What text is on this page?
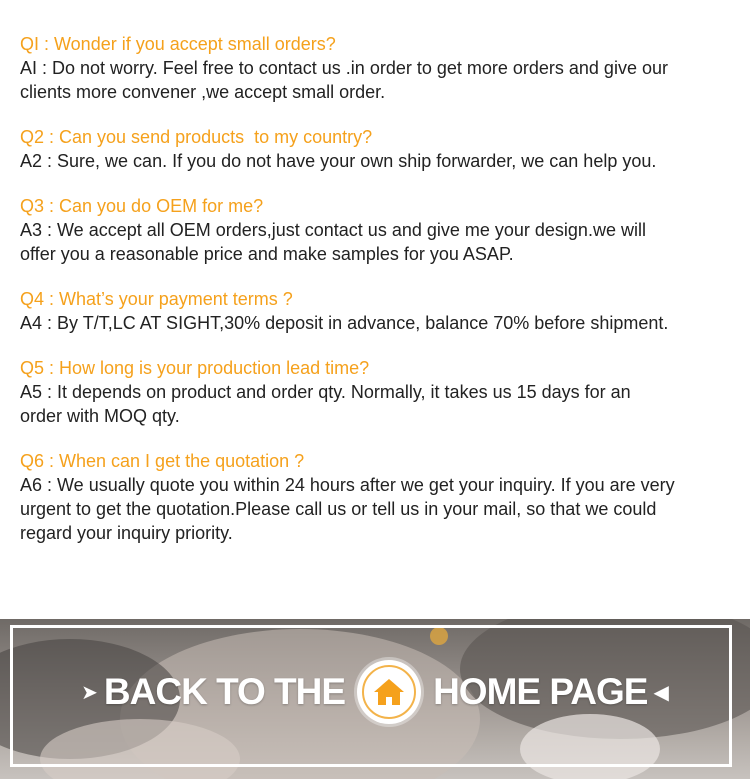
QI : Wonder if you accept small orders?
AI : Do not worry. Feel free to contact us .in order to get more orders and give our
clients more convener ,we accept small order.
Q2 : Can you send products  to my country?
A2 : Sure, we can. If you do not have your own ship forwarder, we can help you.
Q3 : Can you do OEM for me?
A3 : We accept all OEM orders,just contact us and give me your design.we will
offer you a reasonable price and make samples for you ASAP.
Q4 : What’s your payment terms ?
A4 : By T/T,LC AT SIGHT,30% deposit in advance, balance 70% before shipment.
Q5 : How long is your production lead time?
A5 : It depends on product and order qty. Normally, it takes us 15 days for an
order with MOQ qty.
Q6 : When can I get the quotation ?
A6 : We usually quote you within 24 hours after we get your inquiry. If you are very
urgent to get the quotation.Please call us or tell us in your mail, so that we could
regard your inquiry priority.
➤ BACK TO THE HOME PAGE ◀
